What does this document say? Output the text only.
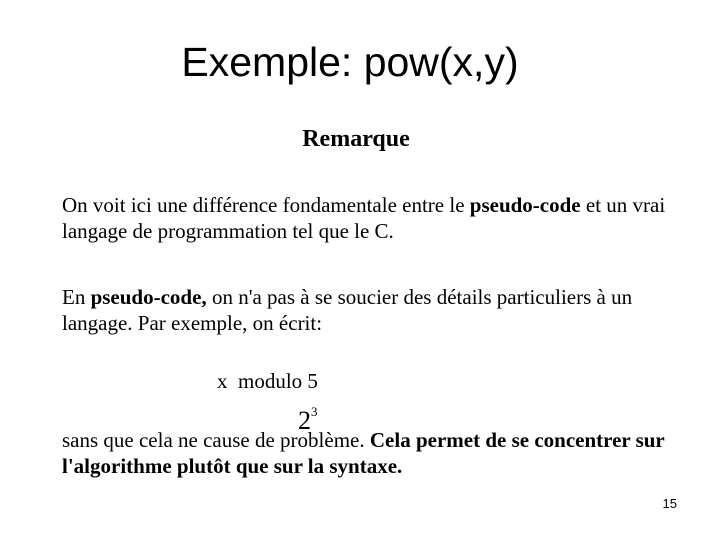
Exemple: pow(x,y)
Remarque
On voit ici une différence fondamentale entre le pseudo-code et un vrai langage de programmation tel que le C.
En pseudo-code, on n'a pas à se soucier des détails particuliers à un langage. Par exemple, on écrit:
x  modulo 5
$2^3$
sans que cela ne cause de problème. Cela permet de se concentrer sur l'algorithme plutôt que sur la syntaxe.
15
